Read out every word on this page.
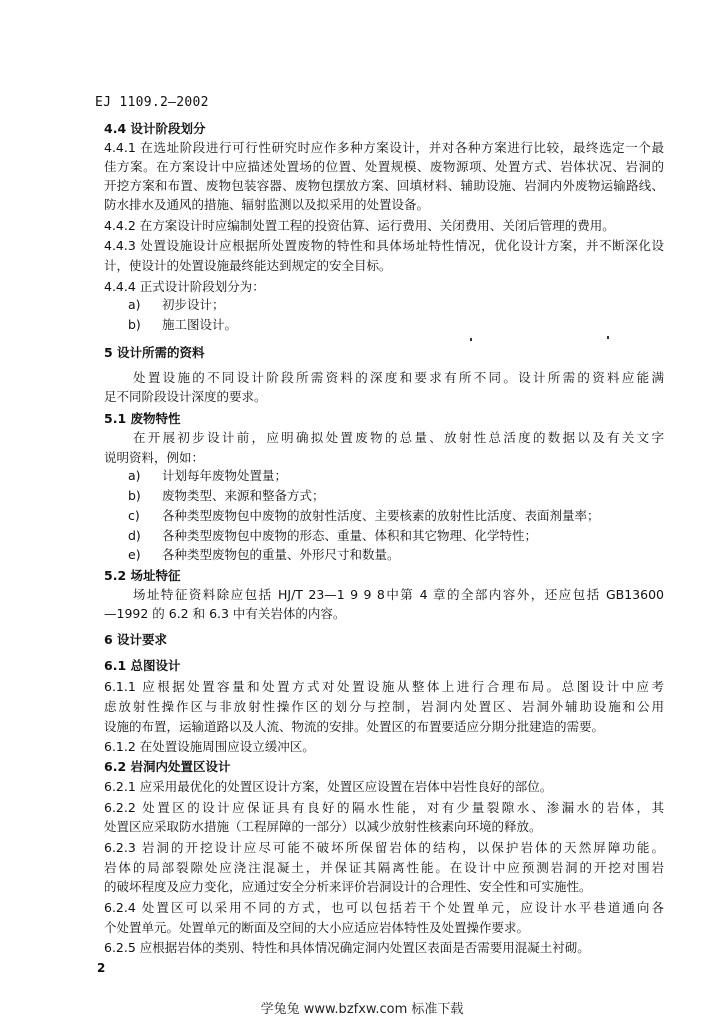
EJ 1109.2—2002
4.4 设计阶段划分
4.4.1 在选址阶段进行可行性研究时应作多种方案设计，并对各种方案进行比较，最终选定一个最
佳方案。在方案设计中应描述处置场的位置、处置规模、废物源项、处置方式、岩体状况、岩洞的
开挖方案和布置、废物包装容器、废物包摆放方案、回填材料、辅助设施、岩洞内外废物运输路线、
防水排水及通风的措施、辐射监测以及拟采用的处置设备。
4.4.2 在方案设计时应编制处置工程的投资估算、运行费用、关闭费用、关闭后管理的费用。
4.4.3 处置设施设计应根据所处置废物的特性和具体场址特性情况，优化设计方案，并不断深化设
计，使设计的处置设施最终能达到规定的安全目标。
4.4.4 正式设计阶段划分为：
a) 初步设计；
b) 施工图设计。
5 设计所需的资料
处置设施的不同设计阶段所需资料的深度和要求有所不同。设计所需的资料应能满
足不同阶段设计深度的要求。
5.1 废物特性
在开展初步设计前，应明确拟处置废物的总量、放射性总活度的数据以及有关文字
说明资料，例如：
a) 计划每年废物处置量；
b) 废物类型、来源和整备方式；
c) 各种类型废物包中废物的放射性活度、主要核素的放射性比活度、表面剂量率；
d) 各种类型废物包中废物的形态、重量、体积和其它物理、化学特性；
e) 各种类型废物包的重量、外形尺寸和数量。
5.2 场址特征
场址特征资料除应包括 HJ/T 23—1 9 9 8中第 4 章的全部内容外，还应包括 GB13600
—1992 的 6.2 和 6.3 中有关岩体的内容。
6 设计要求
6.1 总图设计
6.1.1 应根据处置容量和处置方式对处置设施从整体上进行合理布局。总图设计中应考
虑放射性操作区与非放射性操作区的划分与控制，岩洞内处置区、岩洞外辅助设施和公用
设施的布置，运输道路以及人流、物流的安排。处置区的布置要适应分期分批建造的需要。
6.1.2 在处置设施周围应设立缓冲区。
6.2 岩洞内处置区设计
6.2.1 应采用最优化的处置区设计方案，处置区应设置在岩体中岩性良好的部位。
6.2.2 处置区的设计应保证具有良好的隔水性能，对有少量裂隙水、渗漏水的岩体，其
处置区应采取防水措施（工程屏障的一部分）以减少放射性核素向环境的释放。
6.2.3 岩洞的开挖设计应尽可能不破坏所保留岩体的结构，以保护岩体的天然屏障功能。
岩体的局部裂隙处应浇注混凝土，并保证其隔离性能。在设计中应预测岩洞的开挖对围岩
的破坏程度及应力变化，应通过安全分析来评价岩洞设计的合理性、安全性和可实施性。
6.2.4 处置区可以采用不同的方式，也可以包括若干个处置单元，应设计水平巷道通向各
个处置单元。处置单元的断面及空间的大小应适应岩体特性及处置操作要求。
6.2.5 应根据岩体的类别、特性和具体情况确定洞内处置区表面是否需要用混凝土衬砌。
2
学兔兔 www.bzfxw.com 标准下载
